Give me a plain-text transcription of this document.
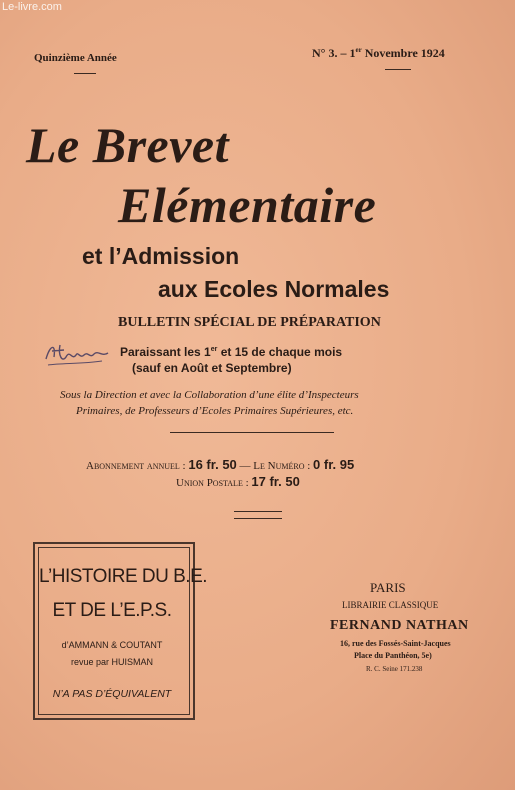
Le-livre.com
Quinzième Année	N° 3. – 1er Novembre 1924
Le Brevet
Elémentaire
et l’Admission
aux Ecoles Normales
BULLETIN SPÉCIAL DE PRÉPARATION
Paraissant les 1er et 15 de chaque mois
(sauf en Août et Septembre)
Sous la Direction et avec la Collaboration d’une élite d’Inspecteurs
Primaires, de Professeurs d’Ecoles Primaires Supérieures, etc.
Abonnement annuel : 16 fr. 50 — Le Numéro : 0 fr. 95
Union Postale : 17 fr. 50
L’HISTOIRE DU B.E.
ET DE L’E.P.S.
d’AMMANN & COUTANT
revue par HUISMAN
N’A PAS D’ÉQUIVALENT
PARIS
LIBRAIRIE CLASSIQUE
FERNAND NATHAN
16, rue des Fossés-Saint-Jacques
Place du Panthéon, 5e)
R. C. Seine 171.238
